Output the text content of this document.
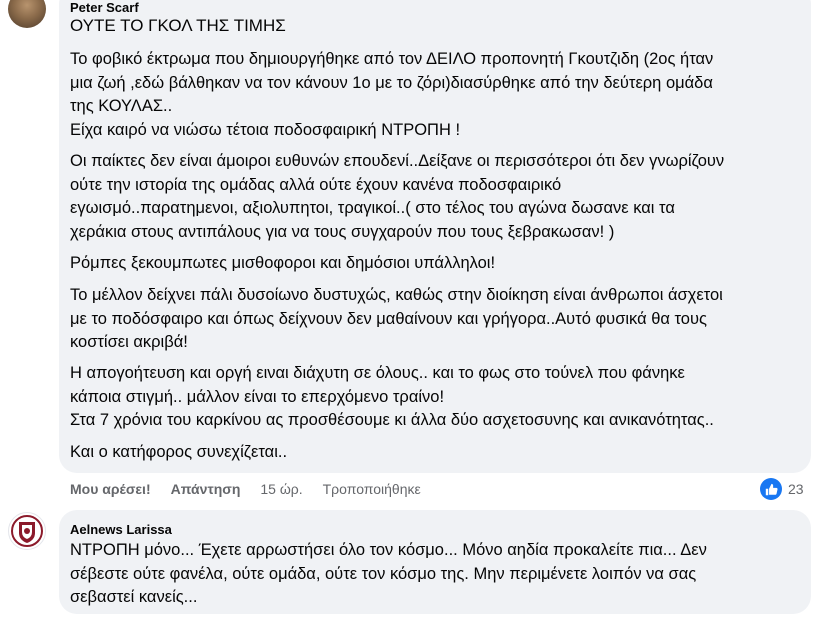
Peter Scarf
ΟΥΤΕ ΤΟ ΓΚΟΛ ΤΗΣ ΤΙΜΗΣ
Το φοβικό έκτρωμα που δημιουργήθηκε από τον ΔΕΙΛΟ προπονητή Γκουτζιδη (2ος ήταν
μια ζωή ,εδώ βάλθηκαν να τον κάνουν 1ο με το ζόρι)διασύρθηκε από την δεύτερη ομάδα
της ΚΟΥΛΑΣ..
Είχα καιρό να νιώσω τέτοια ποδοσφαιρική ΝΤΡΟΠΗ !
Οι παίκτες δεν είναι άμοιροι ευθυνών επουδενί..Δείξανε οι περισσότεροι ότι δεν γνωρίζουν
ούτε την ιστορία της ομάδας αλλά ούτε έχουν κανένα ποδοσφαιρικό
εγωισμό..παρατημενοι, αξιολυπητοι, τραγικοί..( στο τέλος του αγώνα δωσανε και τα
χεράκια στους αντιπάλους για να τους συγχαρούν που τους ξεβρακωσαν! )
Ρόμπες ξεκουμπωτες μισθοφοροι και δημόσιοι υπάλληλοι!
Το μέλλον δείχνει πάλι δυσοίωνο δυστυχώς, καθώς στην διοίκηση είναι άνθρωποι άσχετοι
με το ποδόσφαιρο και όπως δείχνουν δεν μαθαίνουν και γρήγορα..Αυτό φυσικά θα τους
κοστίσει ακριβά!
Η απογοήτευση και οργή ειναι διάχυτη σε όλους.. και το φως στο τούνελ που φάνηκε
κάποια στιγμή.. μάλλον είναι το επερχόμενο τραίνο!
Στα 7 χρόνια του καρκίνου ας προσθέσουμε κι άλλα δύο ασχετοσυνης και ανικανότητας..
Και ο κατήφορος συνεχίζεται..
Μου αρέσει! Απάντηση 15 ώρ. Τροποποιήθηκε	23
Aelnews Larissa
ΝΤΡΟΠΗ μόνο... Έχετε αρρωστήσει όλο τον κόσμο... Μόνο αηδία προκαλείτε πια... Δεν
σέβεστε ούτε φανέλα, ούτε ομάδα, ούτε τον κόσμο της. Μην περιμένετε λοιπόν να σας
σεβαστεί κανείς...
